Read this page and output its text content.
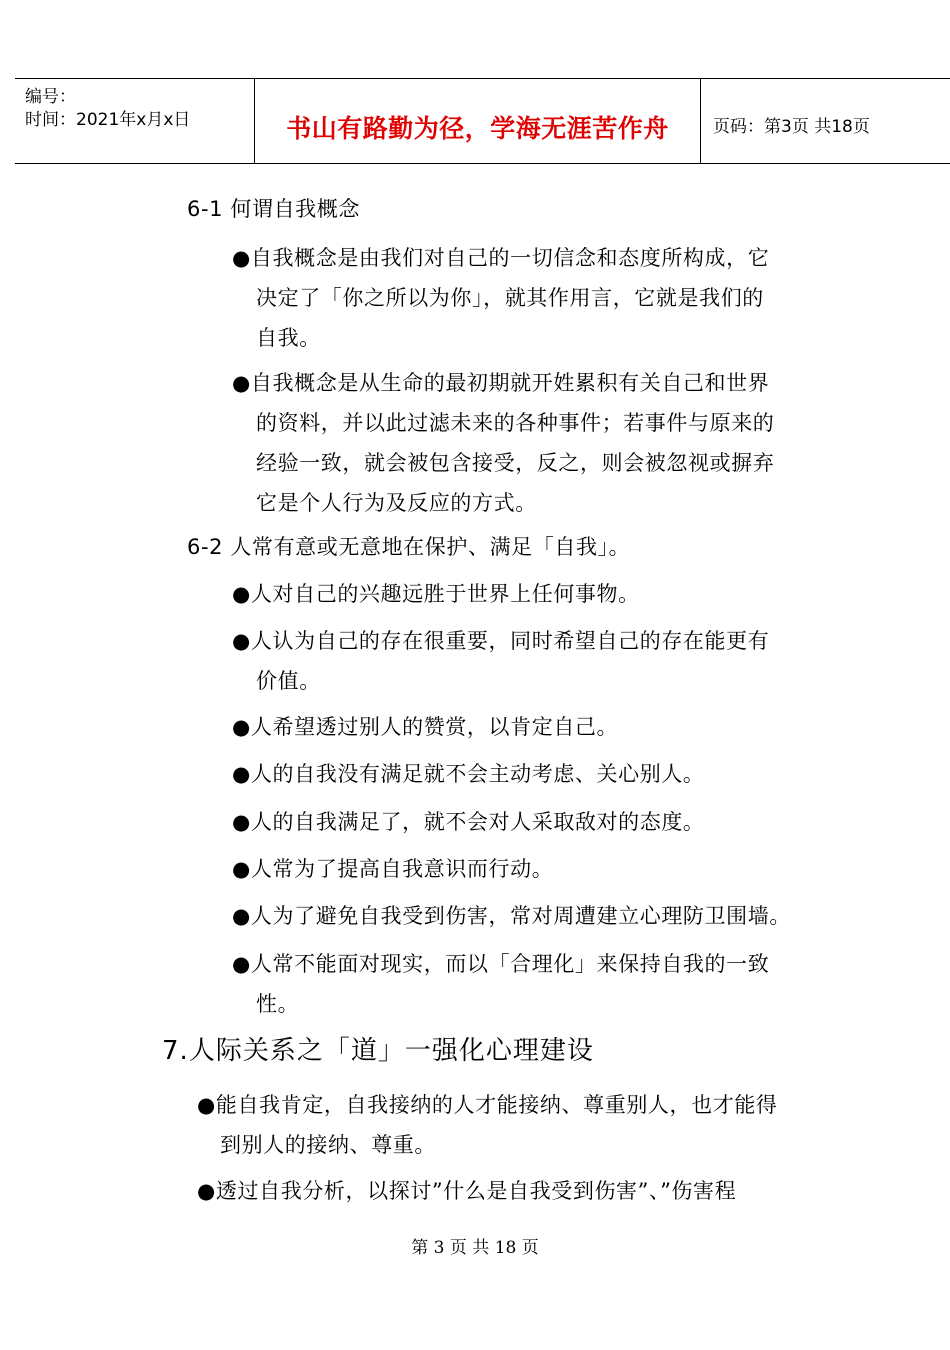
编号：
时间：2021年x月x日	书山有路勤为径，学海无涯苦作舟	页码：第3页 共18页
6-1 何谓自我概念
●自我概念是由我们对自己的一切信念和态度所构成，它
决定了「你之所以为你」，就其作用言，它就是我们的
自我。
●自我概念是从生命的最初期就开姓累积有关自己和世界
的资料，并以此过滤未来的各种事件；若事件与原来的
经验一致，就会被包含接受，反之，则会被忽视或摒弃
它是个人行为及反应的方式。
6-2 人常有意或无意地在保护、满足「自我」。
●人对自己的兴趣远胜于世界上任何事物。
●人认为自己的存在很重要，同时希望自己的存在能更有
价值。
●人希望透过别人的赞赏，以肯定自己。
●人的自我没有满足就不会主动考虑、关心别人。
●人的自我满足了，就不会对人采取敌对的态度。
●人常为了提高自我意识而行动。
●人为了避免自我受到伤害，常对周遭建立心理防卫围墙。
●人常不能面对现实，而以「合理化」来保持自我的一致
性。
7.人际关系之「道」一强化心理建设
●能自我肯定，自我接纳的人才能接纳、尊重别人，也才能得
到别人的接纳、尊重。
●透过自我分析，以探讨”什么是自我受到伤害”、”伤害程
第 3 页 共 18 页
